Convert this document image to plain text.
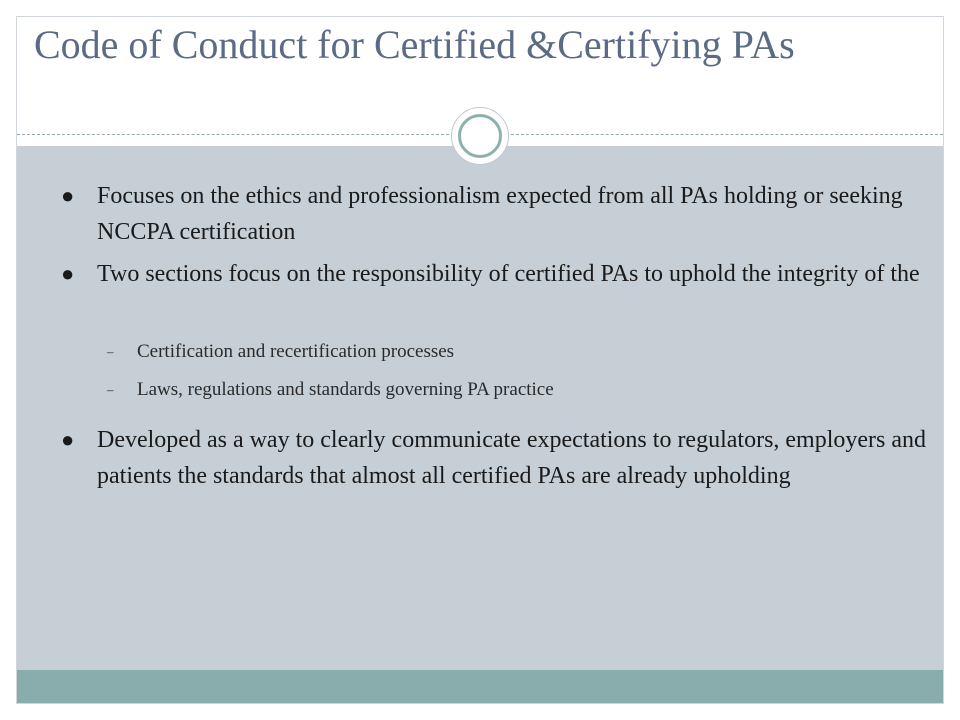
Code of Conduct for Certified &Certifying PAs
● Focuses on the ethics and professionalism expected from all PAs holding or seeking NCCPA certification
● Two sections focus on the responsibility of certified PAs to uphold the integrity of the
– Certification and recertification processes
– Laws, regulations and standards governing PA practice
● Developed as a way to clearly communicate expectations to regulators, employers and patients the standards that almost all certified PAs are already upholding
